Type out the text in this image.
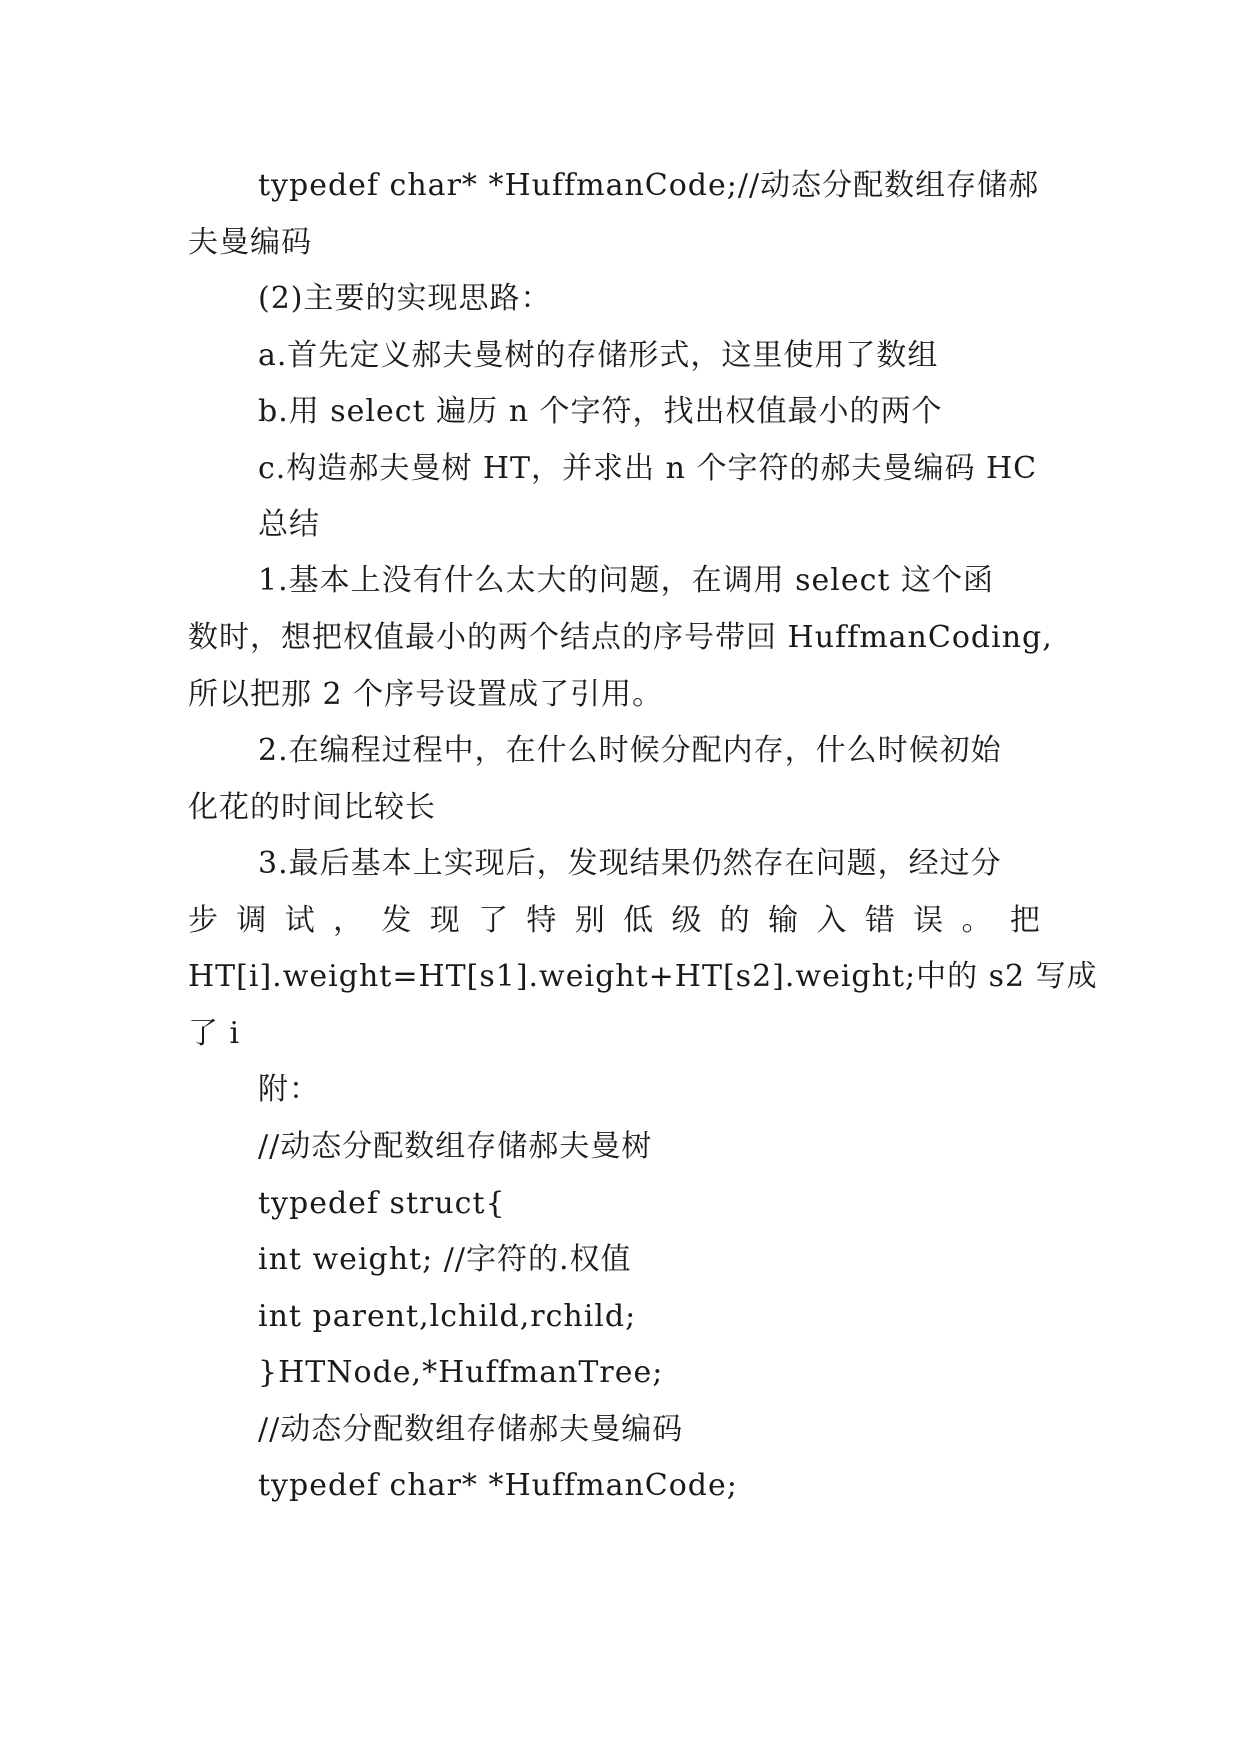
typedef char* *HuffmanCode;//动态分配数组存储郝
夫曼编码
(2)主要的实现思路：
a.首先定义郝夫曼树的存储形式，这里使用了数组
b.用 select 遍历 n 个字符，找出权值最小的两个
c.构造郝夫曼树 HT，并求出 n 个字符的郝夫曼编码 HC
总结
1.基本上没有什么太大的问题，在调用 select 这个函
数时，想把权值最小的两个结点的序号带回 HuffmanCoding,
所以把那 2 个序号设置成了引用。
2.在编程过程中，在什么时候分配内存，什么时候初始
化花的时间比较长
3.最后基本上实现后，发现结果仍然存在问题，经过分
步 调 试 ， 发 现 了 特 别 低 级 的 输 入 错 误 。 把
HT[i].weight=HT[s1].weight+HT[s2].weight;中的 s2 写成
了 i
附：
//动态分配数组存储郝夫曼树
typedef struct{
int weight; //字符的.权值
int parent,lchild,rchild;
}HTNode,*HuffmanTree;
//动态分配数组存储郝夫曼编码
typedef char* *HuffmanCode;
